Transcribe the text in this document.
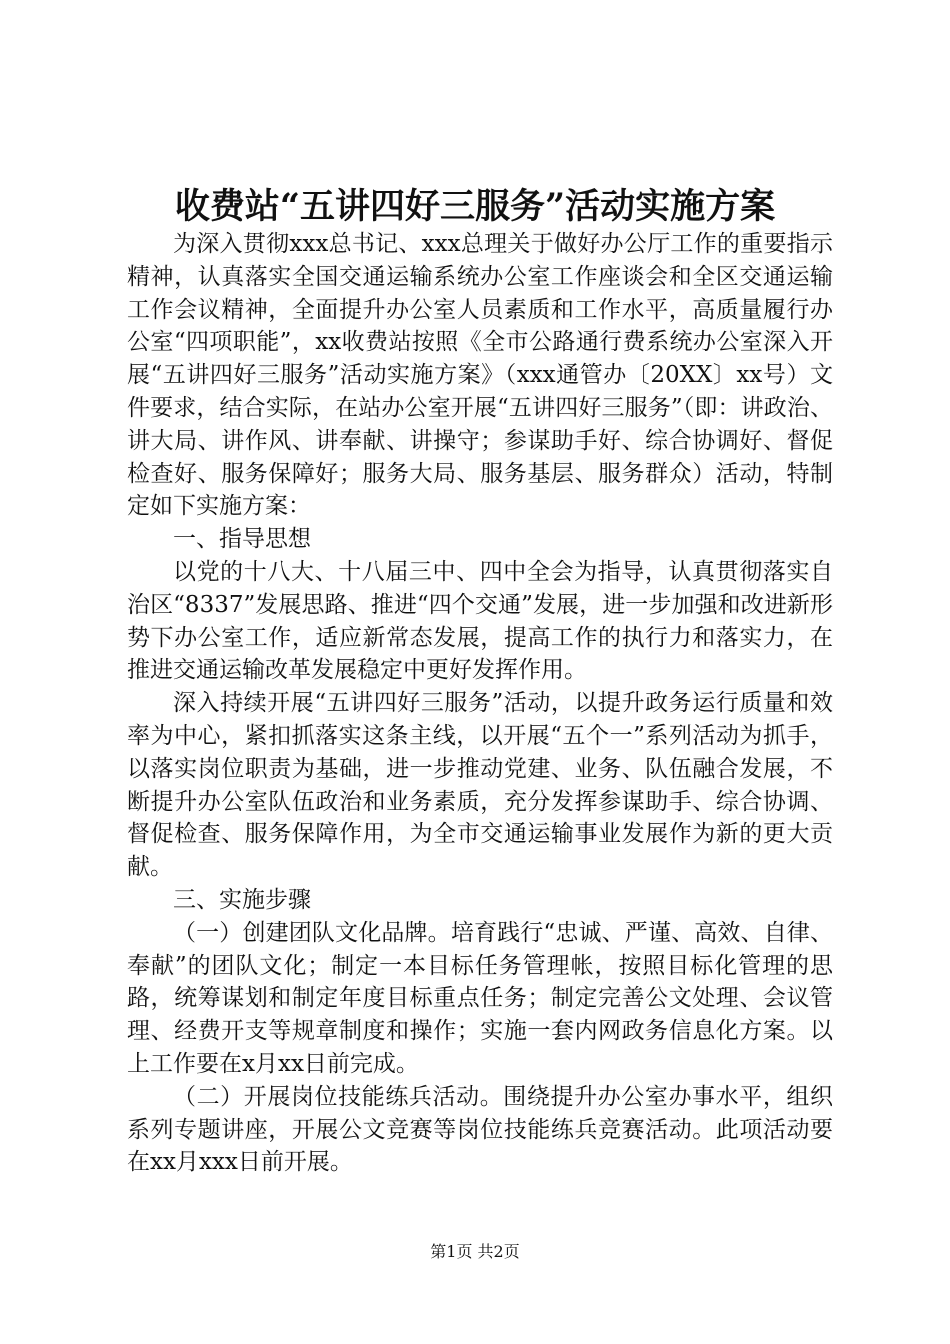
收费站“五讲四好三服务”活动实施方案

为深入贯彻xxx总书记、xxx总理关于做好办公厅工作的重要指示精神，认真落实全国交通运输系统办公室工作座谈会和全区交通运输工作会议精神，全面提升办公室人员素质和工作水平，高质量履行办公室“四项职能”，xx收费站按照《全市公路通行费系统办公室深入开展“五讲四好三服务”活动实施方案》（xxx通管办〔20XX〕xx号）文件要求，结合实际，在站办公室开展“五讲四好三服务”（即：讲政治、讲大局、讲作风、讲奉献、讲操守；参谋助手好、综合协调好、督促检查好、服务保障好；服务大局、服务基层、服务群众）活动，特制定如下实施方案：

一、指导思想

以党的十八大、十八届三中、四中全会为指导，认真贯彻落实自治区“8337”发展思路、推进“四个交通”发展，进一步加强和改进新形势下办公室工作，适应新常态发展，提高工作的执行力和落实力，在推进交通运输改革发展稳定中更好发挥作用。

深入持续开展“五讲四好三服务”活动，以提升政务运行质量和效率为中心，紧扣抓落实这条主线，以开展“五个一”系列活动为抓手，以落实岗位职责为基础，进一步推动党建、业务、队伍融合发展，不断提升办公室队伍政治和业务素质，充分发挥参谋助手、综合协调、督促检查、服务保障作用，为全市交通运输事业发展作为新的更大贡献。

三、实施步骤

（一）创建团队文化品牌。培育践行“忠诚、严谨、高效、自律、奉献”的团队文化；制定一本目标任务管理帐，按照目标化管理的思路，统筹谋划和制定年度目标重点任务；制定完善公文处理、会议管理、经费开支等规章制度和操作；实施一套内网政务信息化方案。以上工作要在x月xx日前完成。

（二）开展岗位技能练兵活动。围绕提升办公室办事水平，组织系列专题讲座，开展公文竞赛等岗位技能练兵竞赛活动。此项活动要在xx月xxx日前开展。

第1页 共2页
